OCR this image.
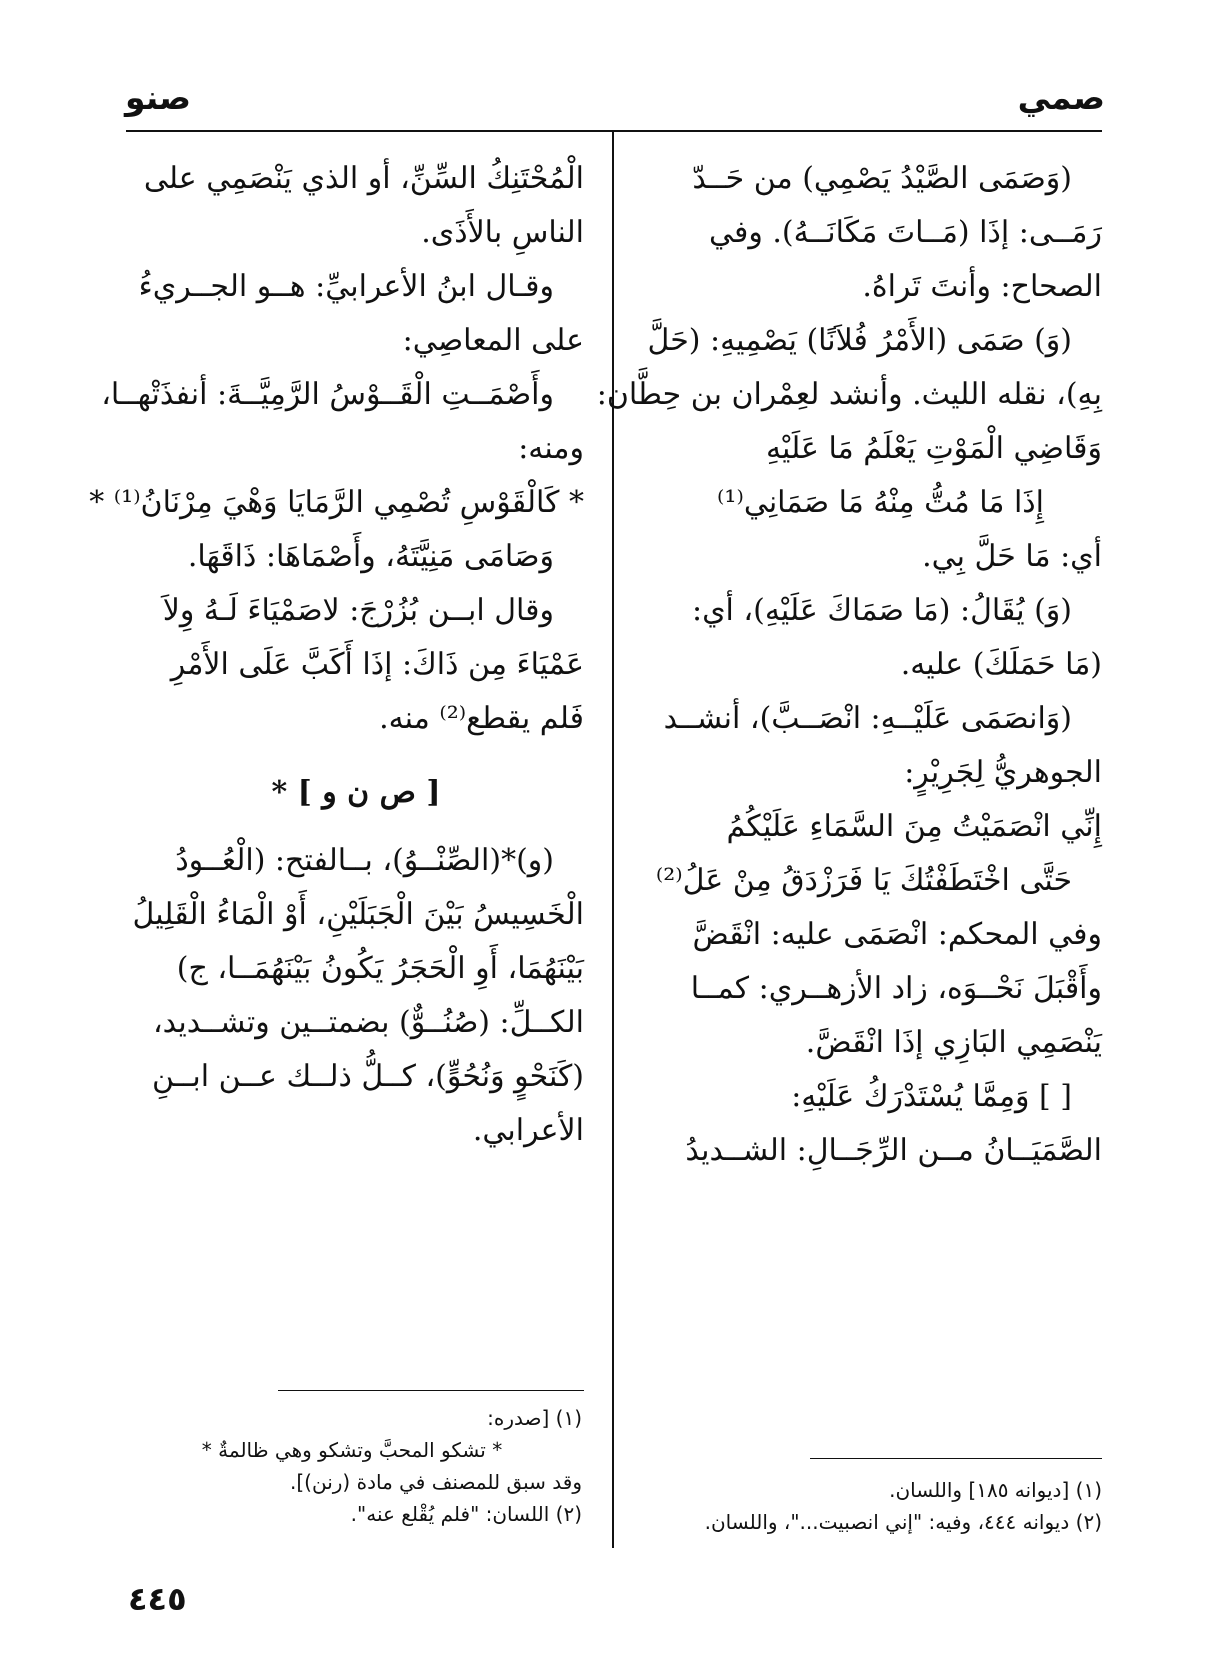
صمي
صنو
(وَصَمَى الصَّيْدُ يَصْمِي) من حَــدّ
رَمَــى: إذَا (مَــاتَ مَكَانَــهُ). وفي
الصحاح: وأنتَ تَراهُ.
(وَ) صَمَى (الأَمْرُ فُلاَنًا) يَصْمِيهِ: (حَلَّ
بِهِ)، نقله الليث. وأنشد لعِمْران بن حِطَّان:
وَقَاضِي الْمَوْتِ يَعْلَمُ مَا عَلَيْهِ
إِذَا مَا مُتُّ مِنْهُ مَا صَمَانِي⁽¹⁾
أي: مَا حَلَّ بِي.
(وَ) يُقَالُ: (مَا صَمَاكَ عَلَيْهِ)، أي:
(مَا حَمَلَكَ) عليه.
(وَانصَمَى عَلَيْــهِ: انْصَــبَّ)، أنشــد
الجوهريُّ لِجَرِيْرٍ:
إِنِّي انْصَمَيْتُ مِنَ السَّمَاءِ عَلَيْكُمُ
حَتَّى اخْتَطَفْتُكَ يَا فَرَزْدَقُ مِنْ عَلُ⁽²⁾
وفي المحكم: انْصَمَى عليه: انْقَضَّ
وأَقْبَلَ نَحْــوَه، زاد الأزهــري: كمــا
يَنْصَمِي البَازِي إذَا انْقَضَّ.
[ ] وَمِمَّا يُسْتَدْرَكُ عَلَيْهِ:
الصَّمَيَــانُ مــن الرِّجَــالِ: الشــديدُ
الْمُحْتَنِكُ السِّنِّ، أو الذي يَنْصَمِي على
الناسِ بالأَذَى.
وقـال ابنُ الأعرابيِّ: هــو الجــريءُ
على المعاصِي:
وأَصْمَــتِ الْقَــوْسُ الرَّمِيَّــةَ: أنفذَتْهــا،
ومنه:
* كَالْقَوْسِ تُصْمِي الرَّمَايَا وَهْيَ مِرْنَانُ⁽¹⁾ *
وَصَامَى مَنِيَّتَهُ، وأَصْمَاهَا: ذَاقَهَا.
وقال ابــن بُزُرْجَ: لاصَمْيَاءَ لَـهُ وِلاَ
عَمْيَاءَ مِن ذَاكَ: إذَا أَكَبَّ عَلَى الأَمْرِ
فَلم يقطع⁽²⁾ منه.
[ ص ن و ] *
(و)*(الصِّنْــوُ)، بــالفتح: (الْعُــودُ
الْخَسِيسُ بَيْنَ الْجَبَلَيْنِ، أَوْ الْمَاءُ الْقَلِيلُ
بَيْنَهُمَا، أَوِ الْحَجَرُ يَكُونُ بَيْنَهُمَــا، ج)
الكــلِّ: (صُنُــوٌّ) بضمتــين وتشــديد،
(كَنَحْوٍ وَنُحُوٍّ)، كــلُّ ذلــك عــن ابــنِ
الأعرابي.
(١) [صدره:
* تشكو المحبَّ وتشكو وهي ظالمةٌ *
وقد سبق للمصنف في مادة (رنن)].
(٢) اللسان: "فلم يُقْلع عنه".
(١) [ديوانه ١٨٥] واللسان.
(٢) ديوانه ٤٤٤، وفيه: "إني انصبيت..."، واللسان.
٤٤٥
